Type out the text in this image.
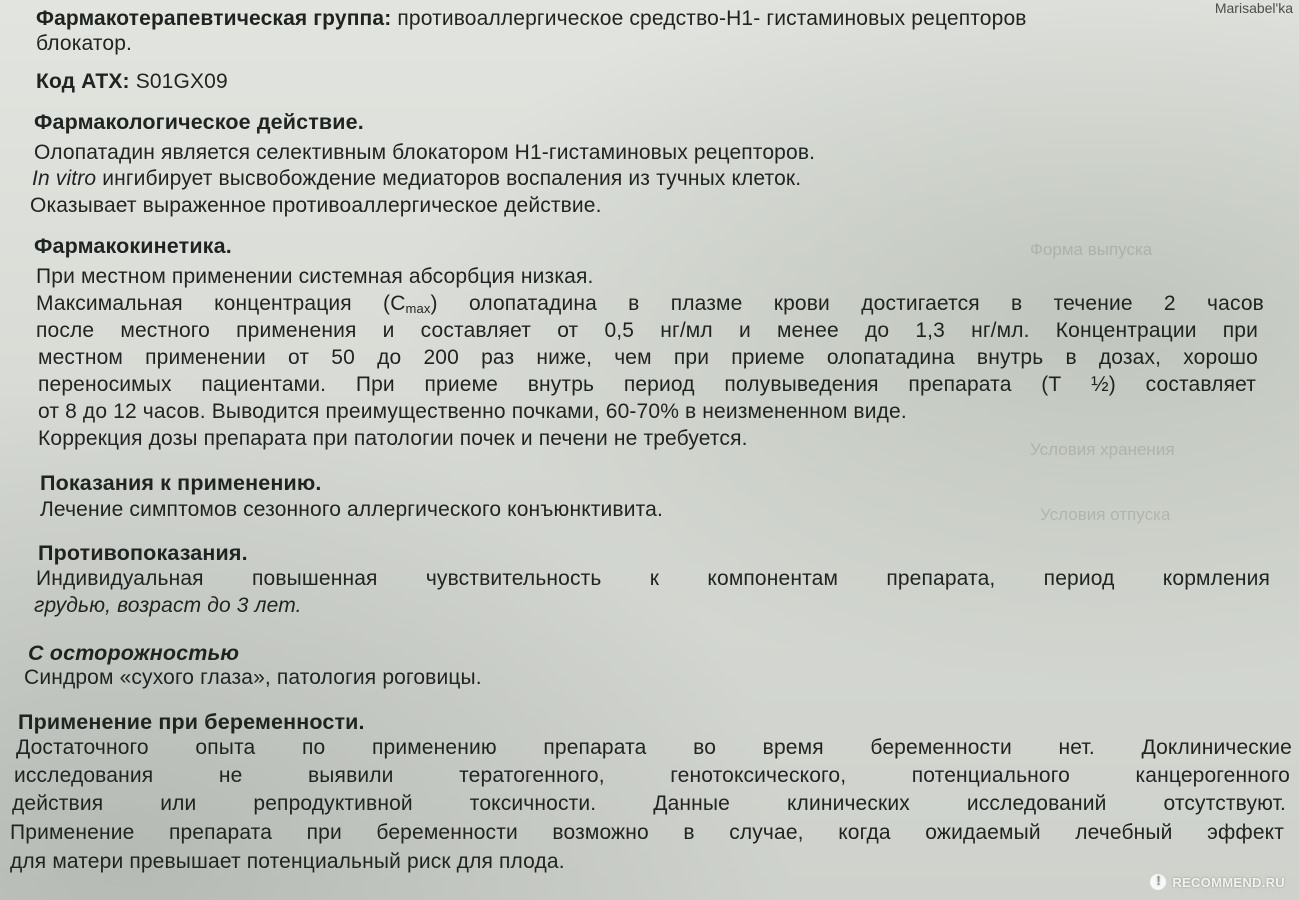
Форма выпуска
Условия хранения
Условия отпуска
Marisabel'ka
Фармакотерапевтическая группа: противоаллергическое средство-Н1- гистаминовых рецепторов
блокатор.
Код АТХ: S01GX09
Фармакологическое действие.
Олопатадин является селективным блокатором Н1-гистаминовых рецепторов.
In vitro ингибирует высвобождение медиаторов воспаления из тучных клеток.
Оказывает выраженное противоаллергическое действие.
Фармакокинетика.
При местном применении системная абсорбция низкая.
Максимальная концентрация $(C_{max})$ олопатадина в плазме крови достигается в течение 2 часов
после местного применения и составляет от 0,5 нг/мл и менее до 1,3 нг/мл. Концентрации при
местном применении от 50 до 200 раз ниже, чем при приеме олопатадина внутрь в дозах, хорошо
переносимых пациентами. При приеме внутрь период полувыведения препарата (Т ½) составляет
от 8 до 12 часов. Выводится преимущественно почками, 60-70% в неизмененном виде.
Коррекция дозы препарата при патологии почек и печени не требуется.
Показания к применению.
Лечение симптомов сезонного аллергического конъюнктивита.
Противопоказания.
Индивидуальная повышенная чувствительность к компонентам препарата, период кормления
грудью, возраст до 3 лет.
С осторожностью
Синдром «сухого глаза», патология роговицы.
Применение при беременности.
Достаточного опыта по применению препарата во время беременности нет. Доклинические
исследования не выявили тератогенного, генотоксического, потенциального канцерогенного
действия или репродуктивной токсичности. Данные клинических исследований отсутствуют.
Применение препарата при беременности возможно в случае, когда ожидаемый лечебный эффект
для матери превышает потенциальный риск для плода.
!
RECOMMEND.RU
